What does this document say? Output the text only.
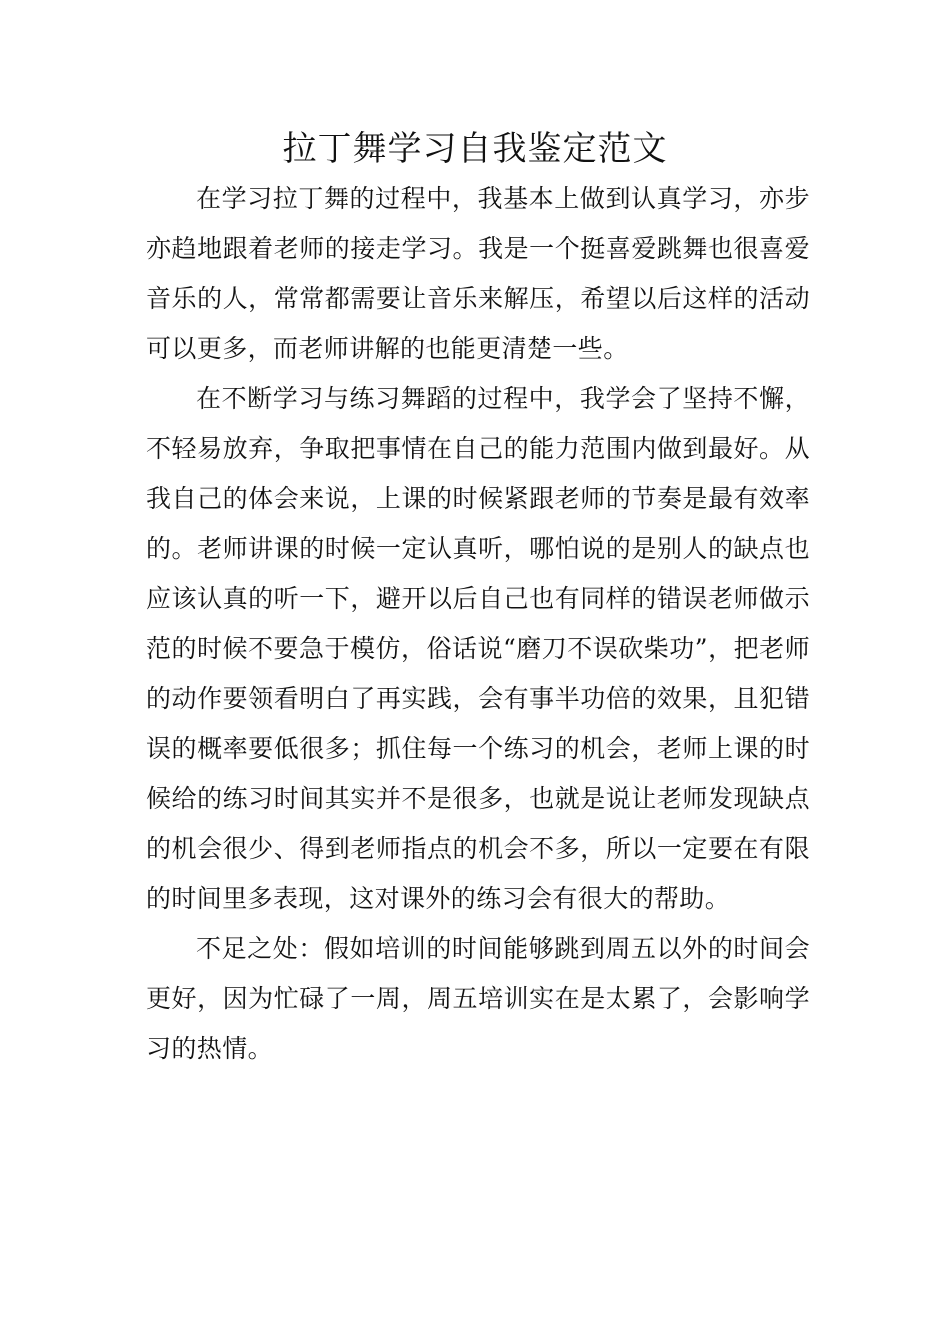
拉丁舞学习自我鉴定范文

在学习拉丁舞的过程中，我基本上做到认真学习，亦步亦趋地跟着老师的接走学习。我是一个挺喜爱跳舞也很喜爱音乐的人，常常都需要让音乐来解压，希望以后这样的活动可以更多，而老师讲解的也能更清楚一些。

在不断学习与练习舞蹈的过程中，我学会了坚持不懈，不轻易放弃，争取把事情在自己的能力范围内做到最好。从我自己的体会来说，上课的时候紧跟老师的节奏是最有效率的。老师讲课的时候一定认真听，哪怕说的是别人的缺点也应该认真的听一下，避开以后自己也有同样的错误老师做示范的时候不要急于模仿，俗话说“磨刀不误砍柴功”，把老师的动作要领看明白了再实践，会有事半功倍的效果，且犯错误的概率要低很多；抓住每一个练习的机会，老师上课的时候给的练习时间其实并不是很多，也就是说让老师发现缺点的机会很少、得到老师指点的机会不多，所以一定要在有限的时间里多表现，这对课外的练习会有很大的帮助。

不足之处：假如培训的时间能够跳到周五以外的时间会更好，因为忙碌了一周，周五培训实在是太累了，会影响学习的热情。
